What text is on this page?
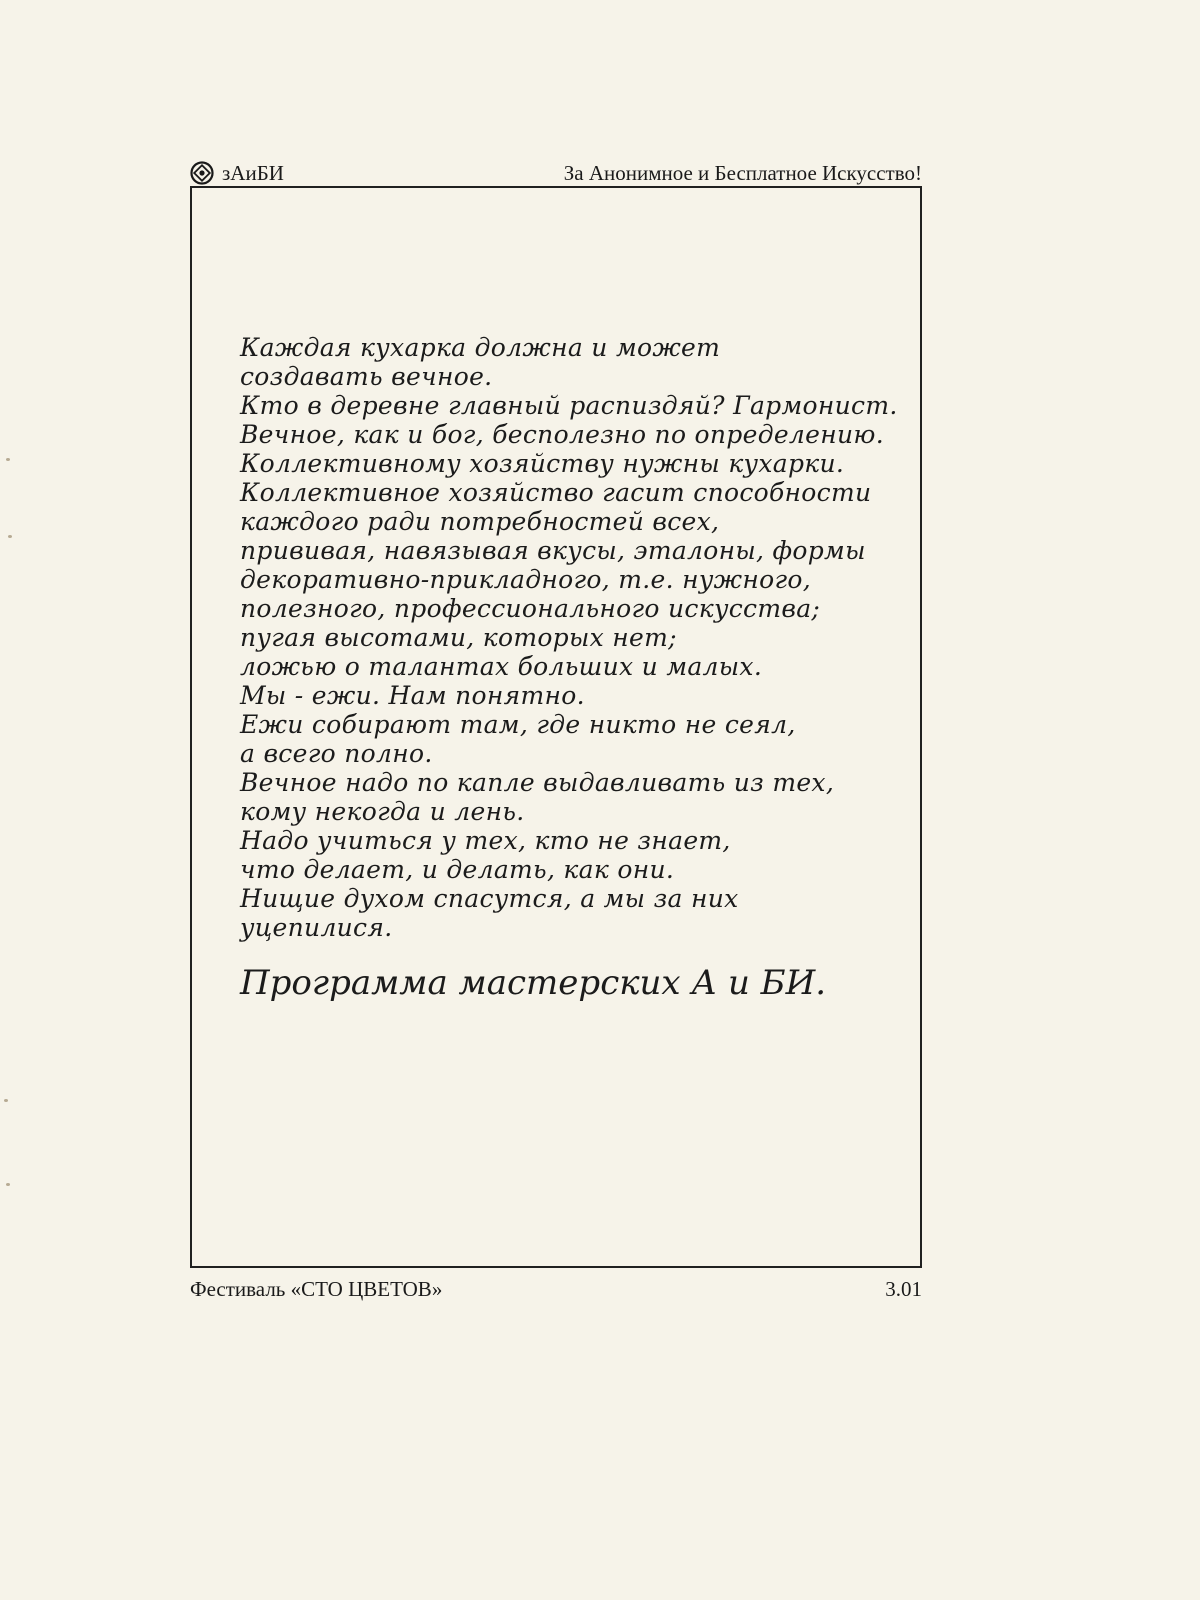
зАиБИ	За Анонимное и Бесплатное Искусство!
Каждая кухарка должна и может
создавать вечное.
Кто в деревне главный распиздяй? Гармонист.
Вечное, как и бог, бесполезно по определению.
Коллективному хозяйству нужны кухарки.
Коллективное хозяйство гасит способности
каждого ради потребностей всех,
прививая, навязывая вкусы, эталоны, формы
декоративно-прикладного, т.е. нужного,
полезного, профессионального искусства;
пугая высотами, которых нет;
ложью о талантах больших и малых.
Мы - ежи. Нам понятно.
Ежи собирают там, где никто не сеял,
а всего полно.
Вечное надо по капле выдавливать из тех,
кому некогда и лень.
Надо учиться у тех, кто не знает,
что делает, и делать, как они.
Нищие духом спасутся, а мы за них
уцепилися.
Программа мастерских А и БИ.
Фестиваль «СТО ЦВЕТОВ»	3.01
